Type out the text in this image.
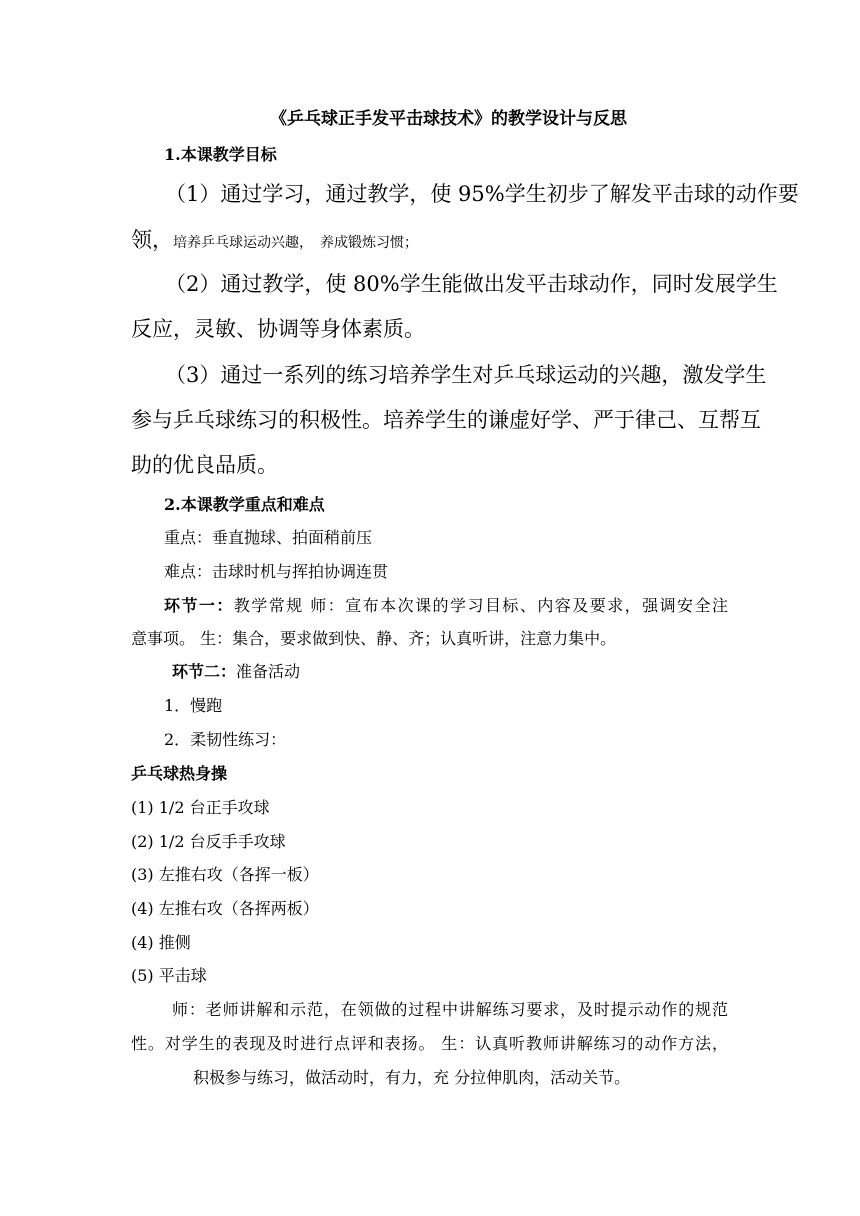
《乒乓球正手发平击球技术》的教学设计与反思
1.本课教学目标
（1）通过学习，通过教学，使 95%学生初步了解发平击球的动作要
领，培养乒乓球运动兴趣，　养成锻炼习惯；
（2）通过教学，使 80%学生能做出发平击球动作，同时发展学生
反应，灵敏、协调等身体素质。
（3）通过一系列的练习培养学生对乒乓球运动的兴趣，激发学生
参与乒乓球练习的积极性。培养学生的谦虚好学、严于律己、互帮互
助的优良品质。
2.本课教学重点和难点
重点：垂直抛球、拍面稍前压
难点：击球时机与挥拍协调连贯
环节一：教学常规 师：宣布本次课的学习目标、内容及要求，强调安全注
意事项。 生：集合，要求做到快、静、齐；认真听讲，注意力集中。
环节二：准备活动
1．慢跑
2．柔韧性练习：
乒乓球热身操
(1) 1/2 台正手攻球
(2) 1/2 台反手手攻球
(3) 左推右攻（各挥一板）
(4) 左推右攻（各挥两板）
(4) 推侧
(5) 平击球
师：老师讲解和示范，在领做的过程中讲解练习要求，及时提示动作的规范
性。对学生的表现及时进行点评和表扬。 生：认真听教师讲解练习的动作方法，
积极参与练习，做活动时，有力，充 分拉伸肌肉，活动关节。
